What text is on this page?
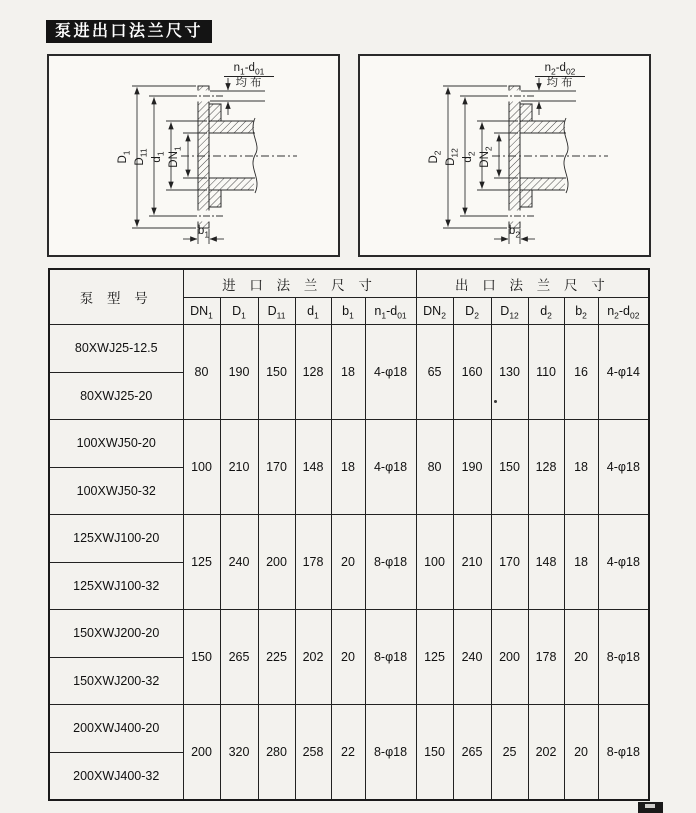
泵进出口法兰尺寸
$D_1$
$D_{11}$
$d_1$ $DN_1$
$b_1$
$n_1-d_{01}$
均布
$D_2$
$D_{12}$
$d_2$ $DN_2$
$b_2$
$n_2-d_{02}$
均布
泵 型 号	进 口 法 兰 尺 寸						出 口 法 兰 尺 寸					
	$DN_1$	$D_1$	$D_{11}$	$d_1$	$b_1$	$n_1-d_{01}$	$DN_2$	$D_2$	$D_{12}$	$d_2$	$b_2$	$n_2-d_{02}$
80XWJ25-12.5	80	190	150	128	18	4-φ18	65	160	130	110	16	4-φ14
80XWJ25-20												
100XWJ50-20	100	210	170	148	18	4-φ18	80	190	150	128	18	4-φ18
100XWJ50-32												
125XWJ100-20	125	240	200	178	20	8-φ18	100	210	170	148	18	4-φ18
125XWJ100-32												
150XWJ200-20	150	265	225	202	20	8-φ18	125	240	200	178	20	8-φ18
150XWJ200-32												
200XWJ400-20	200	320	280	258	22	8-φ18	150	265	25	202	20	8-φ18
200XWJ400-32												
